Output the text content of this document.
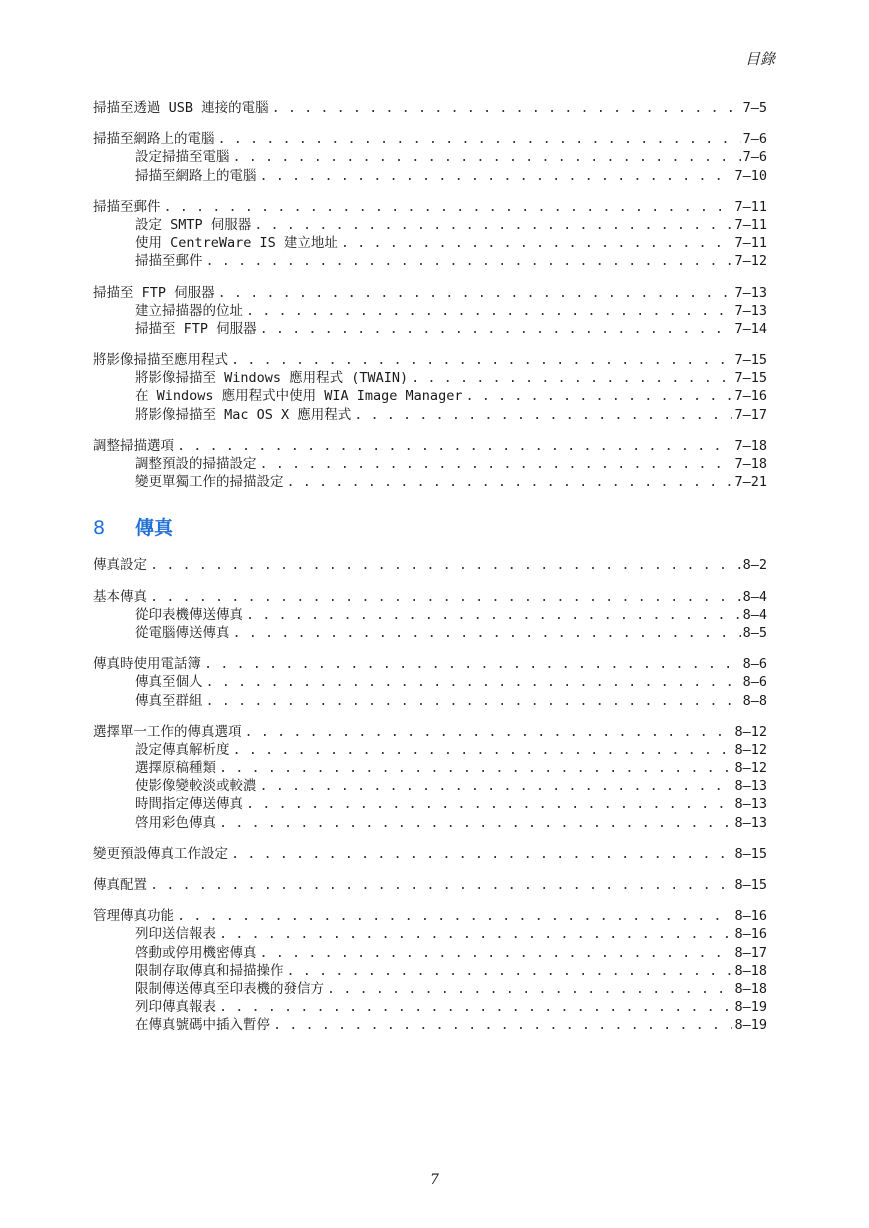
目錄
掃描至透過 USB 連接的電腦 . . .	7–5
掃描至網路上的電腦 . . .	7–6
設定掃描至電腦 . . .	7–6
掃描至網路上的電腦 . . .	7–10
掃描至郵件 . . .	7–11
設定 SMTP 伺服器 . . .	7–11
使用 CentreWare IS 建立地址 . . .	7–11
掃描至郵件 . . .	7–12
掃描至 FTP 伺服器 . . .	7–13
建立掃描器的位址 . . .	7–13
掃描至 FTP 伺服器 . . .	7–14
將影像掃描至應用程式 . . .	7–15
將影像掃描至 Windows 應用程式 (TWAIN) . . .	7–15
在 Windows 應用程式中使用 WIA Image Manager . . .	7–16
將影像掃描至 Mac OS X 應用程式 . . .	7–17
調整掃描選項 . . .	7–18
調整預設的掃描設定 . . .	7–18
變更單獨工作的掃描設定 . . .	7–21
8	傳真
傳真設定 . . .	8–2
基本傳真 . . .	8–4
從印表機傳送傳真 . . .	8–4
從電腦傳送傳真 . . .	8–5
傳真時使用電話簿 . . .	8–6
傳真至個人 . . .	8–6
傳真至群組 . . .	8–8
選擇單一工作的傳真選項 . . .	8–12
設定傳真解析度 . . .	8–12
選擇原稿種類 . . .	8–12
使影像變較淡或較濃 . . .	8–13
時間指定傳送傳真 . . .	8–13
啓用彩色傳真 . . .	8–13
變更預設傳真工作設定 . . .	8–15
傳真配置 . . .	8–15
管理傳真功能 . . .	8–16
列印送信報表 . . .	8–16
啓動或停用機密傳真 . . .	8–17
限制存取傳真和掃描操作 . . .	8–18
限制傳送傳真至印表機的發信方 . . .	8–18
列印傳真報表 . . .	8–19
在傳真號碼中插入暫停 . . .	8–19
7
